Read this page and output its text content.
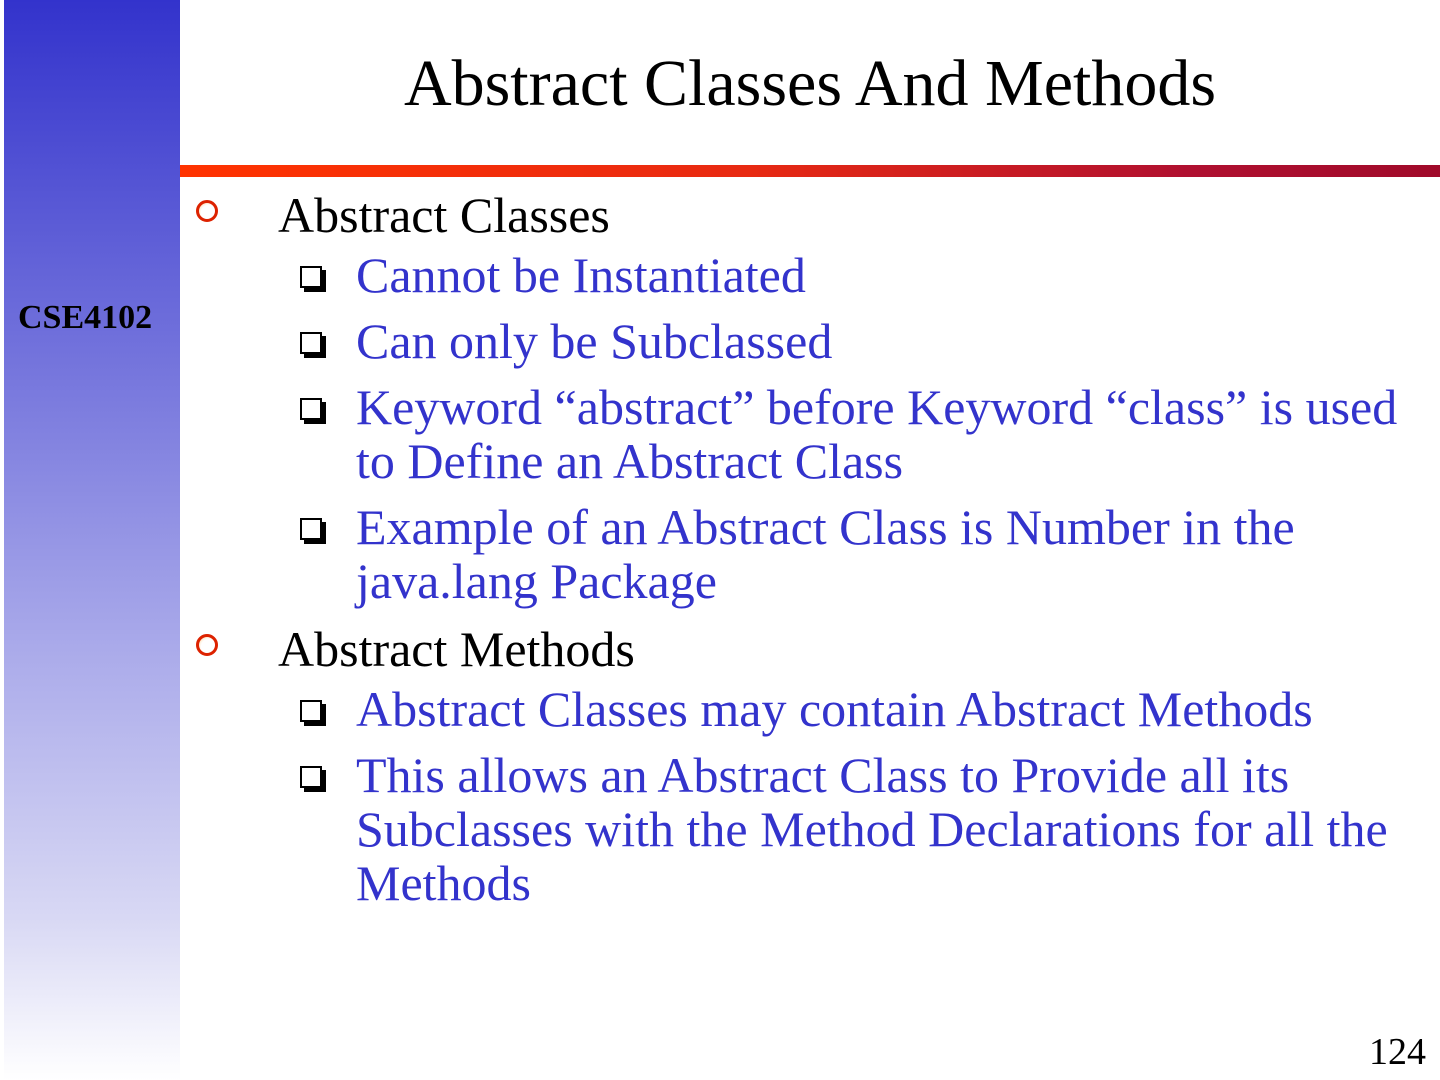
CSE4102
Abstract Classes And Methods
Abstract Classes
Cannot be Instantiated
Can only be Subclassed
Keyword “abstract” before Keyword “class” is used to Define an Abstract Class
Example of an Abstract Class is Number in the java.lang Package
Abstract Methods
Abstract Classes may contain Abstract Methods
This allows an Abstract Class to Provide all its Subclasses with the Method Declarations for all the Methods
124
